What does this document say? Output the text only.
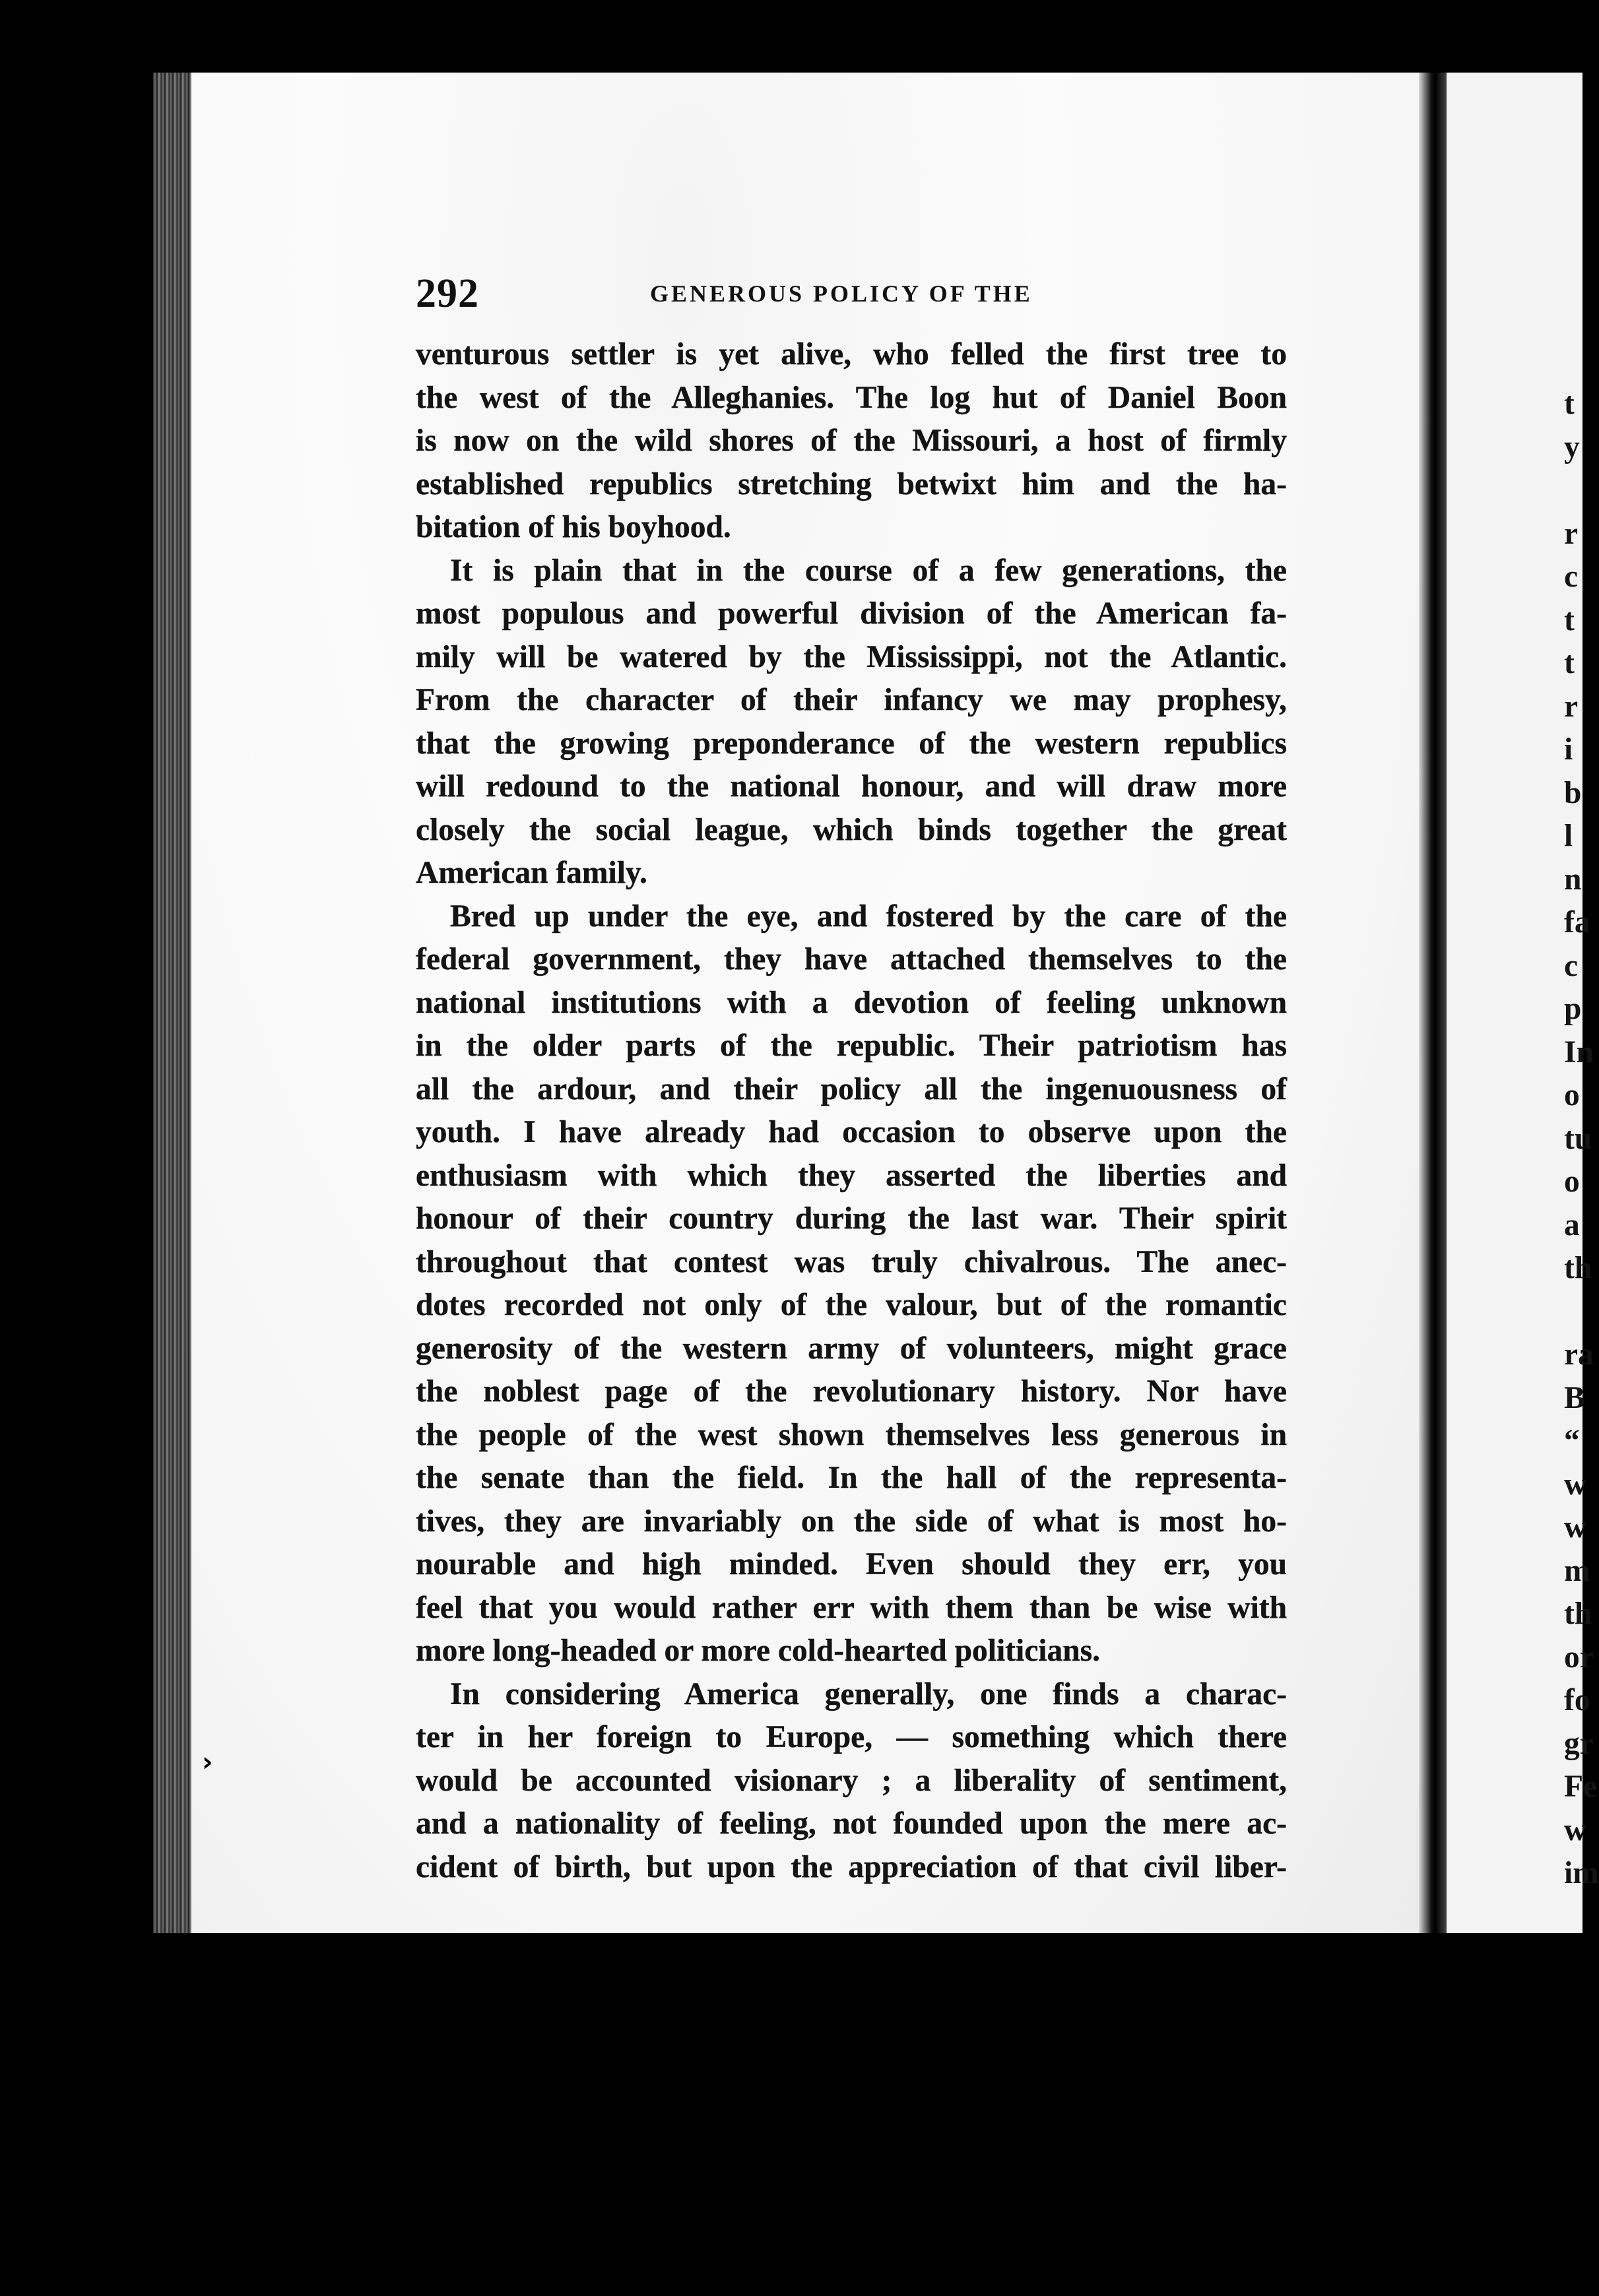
t
y
r
c
t
t
r
i
b
l
n
fa
c
p
In
o
tu
o
a
th
ra
B
“
w
w
m
th
or
fo
gr
Fe
w
im
292	GENEROUS POLICY OF THE
venturous settler is yet alive, who felled the first tree to
the west of the Alleghanies. The log hut of Daniel Boon
is now on the wild shores of the Missouri, a host of firmly
established republics stretching betwixt him and the ha-
bitation of his boyhood.
It is plain that in the course of a few generations, the
most populous and powerful division of the American fa-
mily will be watered by the Mississippi, not the Atlantic.
From the character of their infancy we may prophesy,
that the growing preponderance of the western republics
will redound to the national honour, and will draw more
closely the social league, which binds together the great
American family.
Bred up under the eye, and fostered by the care of the
federal government, they have attached themselves to the
national institutions with a devotion of feeling unknown
in the older parts of the republic. Their patriotism has
all the ardour, and their policy all the ingenuousness of
youth. I have already had occasion to observe upon the
enthusiasm with which they asserted the liberties and
honour of their country during the last war. Their spirit
throughout that contest was truly chivalrous. The anec-
dotes recorded not only of the valour, but of the romantic
generosity of the western army of volunteers, might grace
the noblest page of the revolutionary history. Nor have
the people of the west shown themselves less generous in
the senate than the field. In the hall of the representa-
tives, they are invariably on the side of what is most ho-
nourable and high minded. Even should they err, you
feel that you would rather err with them than be wise with
more long-headed or more cold-hearted politicians.
In considering America generally, one finds a charac-
ter in her foreign to Europe, — something which there
would be accounted visionary ; a liberality of sentiment,
and a nationality of feeling, not founded upon the mere ac-
cident of birth, but upon the appreciation of that civil liber-
›
